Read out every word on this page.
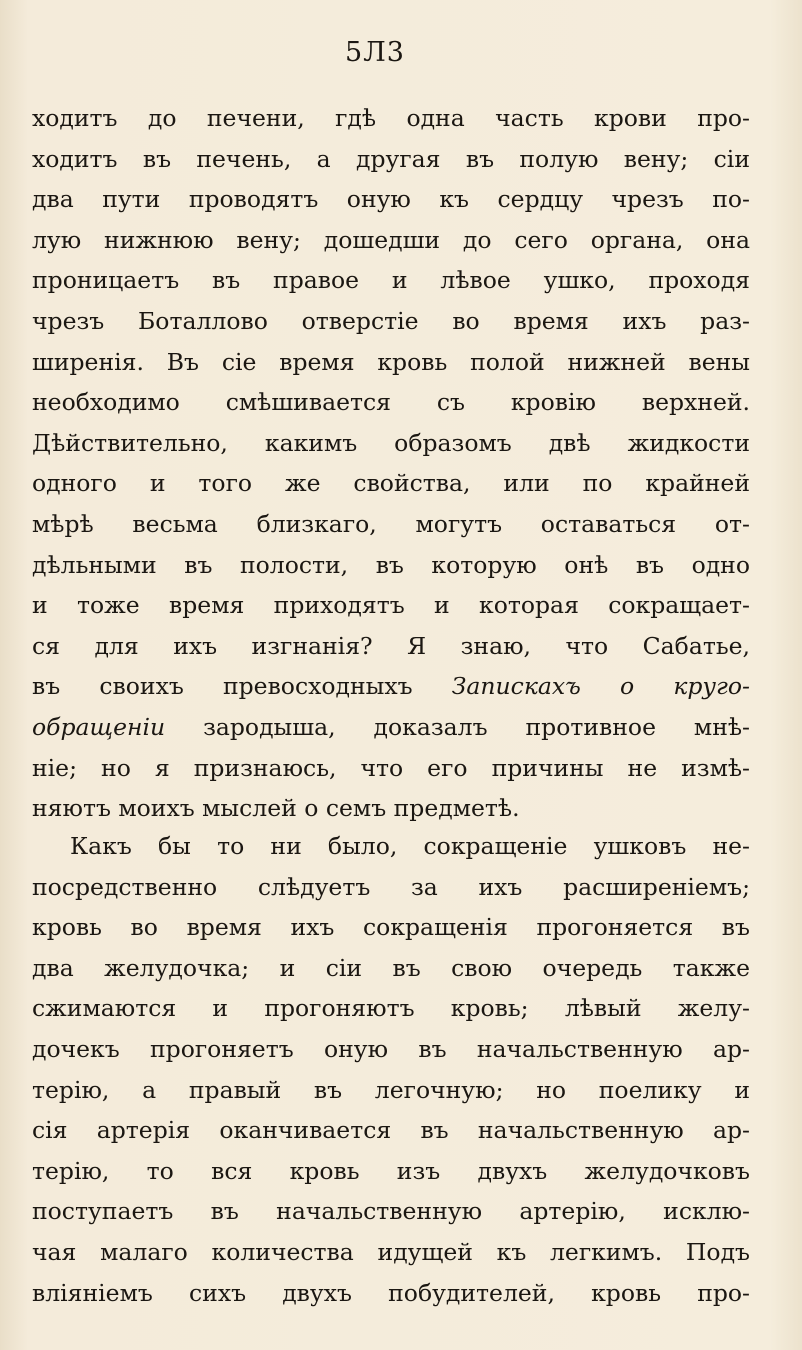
5Л3
ходитъ до печени, гдѣ одна часть крови про-
ходитъ въ печень, а другая въ полую вену; сіи
два пути проводятъ оную къ сердцу чрезъ по-
лую нижнюю вену; дошедши до сего органа, она
проницаетъ въ правое и лѣвое ушко, проходя
чрезъ Боталлово отверстіе во время ихъ раз-
ширенія. Въ сіе время кровь полой нижней вены
необходимо смѣшивается съ кровію верхней.
Дѣйствительно, какимъ образомъ двѣ жидкости
одного и того же свойства, или по крайней
мѣрѣ весьма близкаго, могутъ оставаться от-
дѣльными въ полости, въ которую онѣ въ одно
и тоже время приходятъ и которая сокращает-
ся для ихъ изгнанія? Я знаю, что Сабатье,
въ своихъ превосходныхъ Запискахъ о круго-
обращеніи зародыша, доказалъ противное мнѣ-
ніе; но я признаюсь, что его причины не измѣ-
няютъ моихъ мыслей о семъ предметѣ.
Какъ бы то ни было, сокращеніе ушковъ не-
посредственно слѣдуетъ за ихъ расширеніемъ;
кровь во время ихъ сокращенія прогоняется въ
два желудочка; и сіи въ свою очередь также
сжимаются и прогоняютъ кровь; лѣвый желу-
дочекъ прогоняетъ оную въ начальственную ар-
терію, а правый въ легочную; но поелику и
сія артерія оканчивается въ начальственную ар-
терію, то вся кровь изъ двухъ желудочковъ
поступаетъ въ начальственную артерію, исклю-
чая малаго количества идущей къ легкимъ. Подъ
вліяніемъ сихъ двухъ побудителей, кровь про-
